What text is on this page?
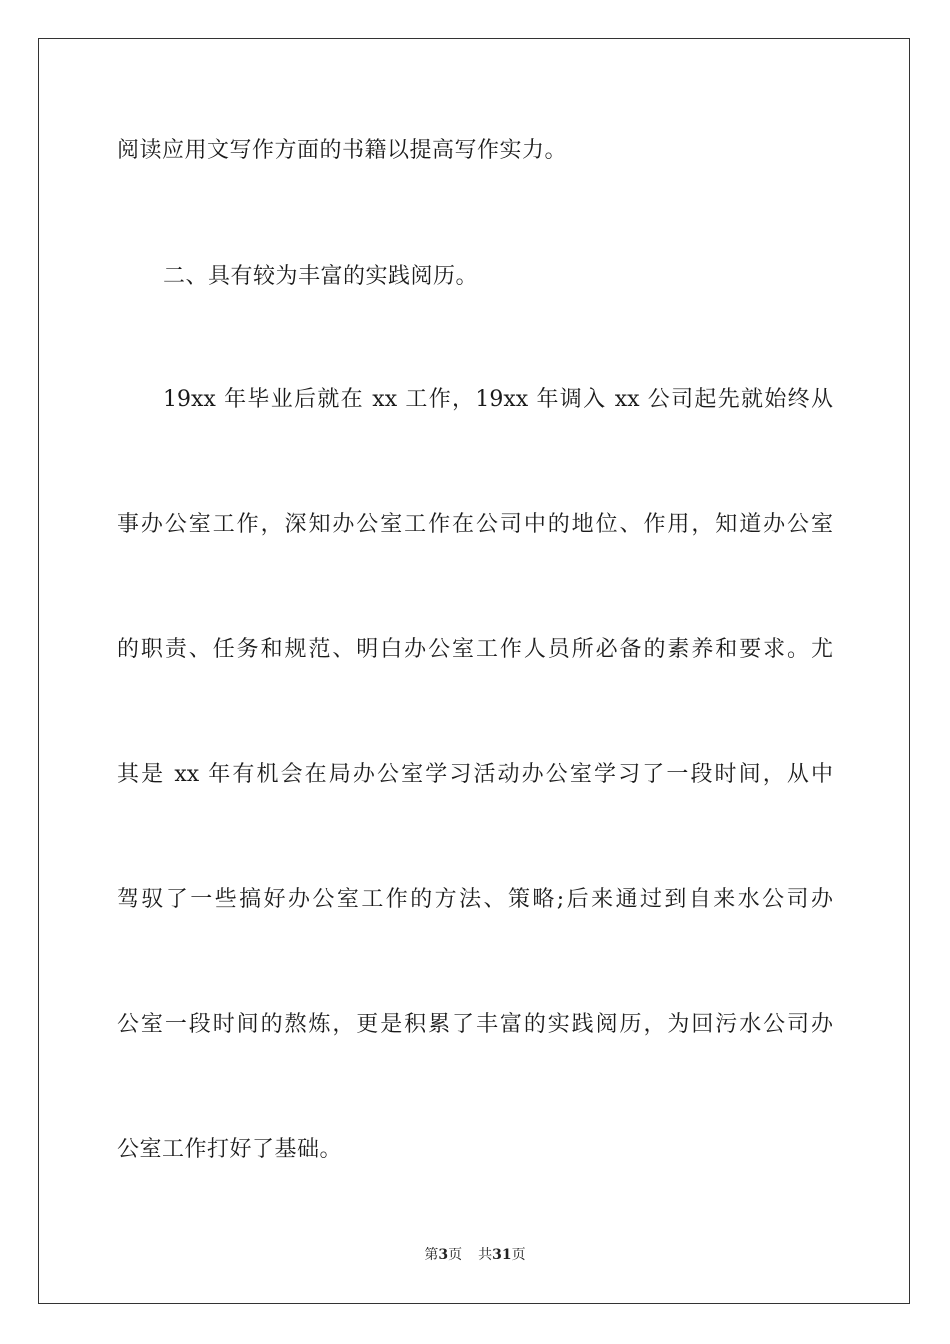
阅读应用文写作方面的书籍以提高写作实力。
二、具有较为丰富的实践阅历。
19xx 年毕业后就在 xx 工作，19xx 年调入 xx 公司起先就始终从
事办公室工作，深知办公室工作在公司中的地位、作用，知道办公室
的职责、任务和规范、明白办公室工作人员所必备的素养和要求。尤
其是 xx 年有机会在局办公室学习活动办公室学习了一段时间，从中
驾驭了一些搞好办公室工作的方法、策略;后来通过到自来水公司办
公室一段时间的熬炼，更是积累了丰富的实践阅历，为回污水公司办
公室工作打好了基础。
第3页 共31页
